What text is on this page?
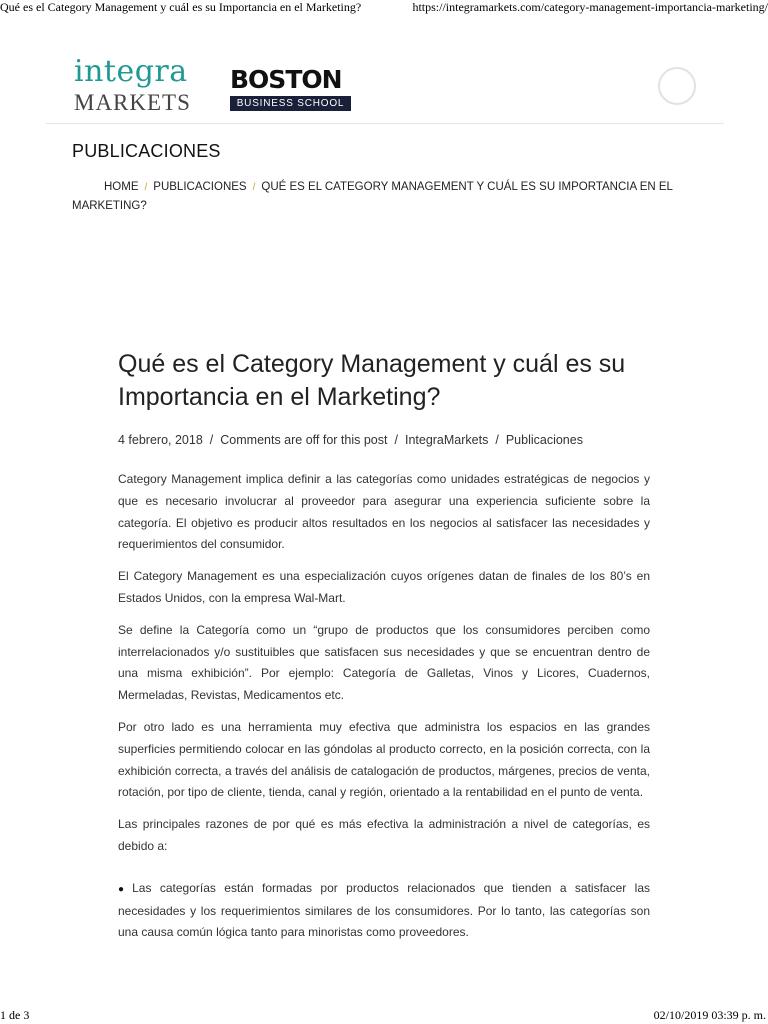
Qué es el Category Management y cuál es su Importancia en el Marketing?	https://integramarkets.com/category-management-importancia-marketing/
integra
MARKETS
BOSTON
BUSINESS SCHOOL
PUBLICACIONES
HOME / PUBLICACIONES / QUÉ ES EL CATEGORY MANAGEMENT Y CUÁL ES SU IMPORTANCIA EN EL MARKETING?
Qué es el Category Management y cuál es su Importancia en el Marketing?
4 febrero, 2018 / Comments are off for this post / IntegraMarkets / Publicaciones

Category Management implica definir a las categorías como unidades estratégicas de negocios y que es necesario involucrar al proveedor para asegurar una experiencia suficiente sobre la categoría. El objetivo es producir altos resultados en los negocios al satisfacer las necesidades y requerimientos del consumidor.

El Category Management es una especialización cuyos orígenes datan de finales de los 80’s en Estados Unidos, con la empresa Wal-Mart.

Se define la Categoría como un “grupo de productos que los consumidores perciben como interrelacionados y/o sustituibles que satisfacen sus necesidades y que se encuentran dentro de una misma exhibición”. Por ejemplo: Categoría de Galletas, Vinos y Licores, Cuadernos, Mermeladas, Revistas, Medicamentos etc.

Por otro lado es una herramienta muy efectiva que administra los espacios en las grandes superficies permitiendo colocar en las góndolas al producto correcto, en la posición correcta, con la exhibición correcta, a través del análisis de catalogación de productos, márgenes, precios de venta, rotación, por tipo de cliente, tienda, canal y región, orientado a la rentabilidad en el punto de venta.

Las principales razones de por qué es más efectiva la administración a nivel de categorías, es debido a:

● Las categorías están formadas por productos relacionados que tienden a satisfacer las necesidades y los requerimientos similares de los consumidores. Por lo tanto, las categorías son una causa común lógica tanto para minoristas como proveedores.

1 de 3	02/10/2019 03:39 p. m.
